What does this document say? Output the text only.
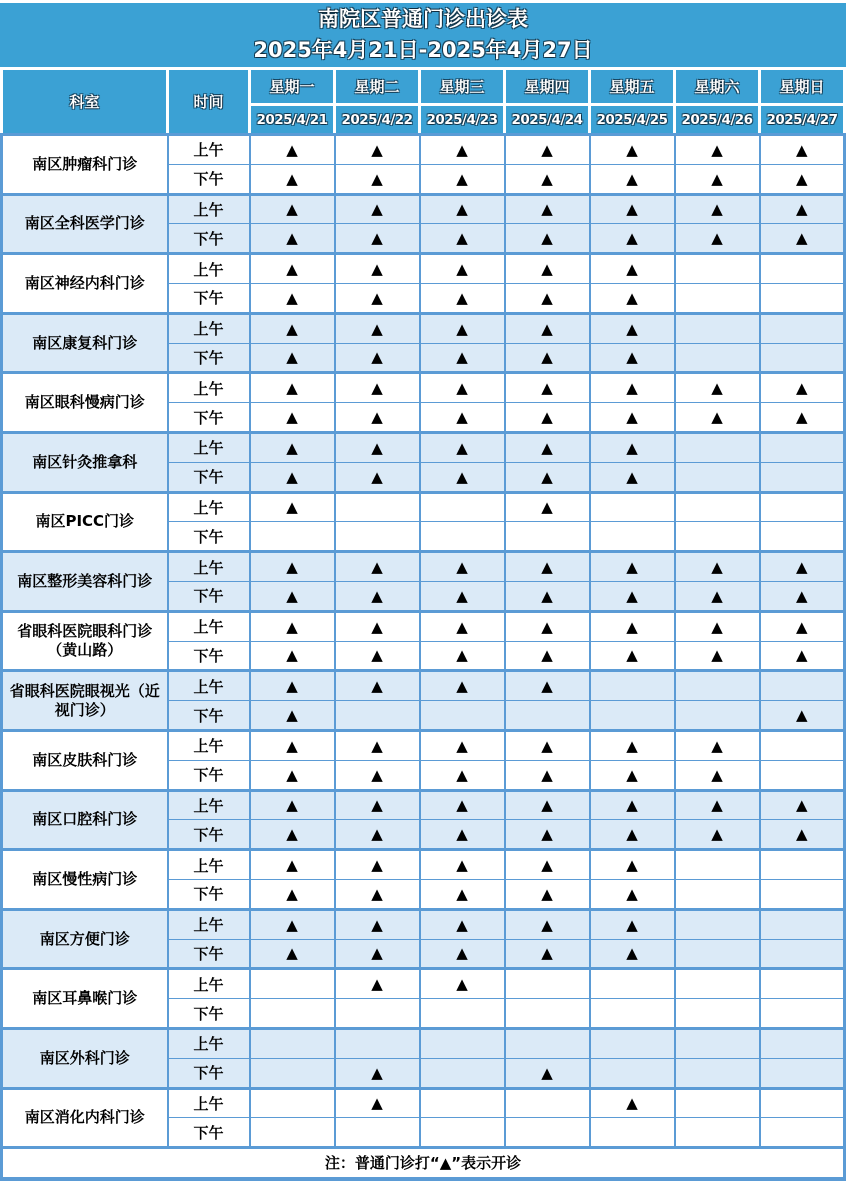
南院区普通门诊出诊表
2025年4月21日-2025年4月27日
科室	时间	星期一	星期二	星期三	星期四	星期五	星期六	星期日
		2025/4/21	2025/4/22	2025/4/23	2025/4/24	2025/4/25	2025/4/26	2025/4/27
南区肿瘤科门诊	上午	▲	▲	▲	▲	▲	▲	▲
	下午	▲	▲	▲	▲	▲	▲	▲
南区全科医学门诊	上午	▲	▲	▲	▲	▲	▲	▲
	下午	▲	▲	▲	▲	▲	▲	▲
南区神经内科门诊	上午	▲	▲	▲	▲	▲		
	下午	▲	▲	▲	▲	▲		
南区康复科门诊	上午	▲	▲	▲	▲	▲		
	下午	▲	▲	▲	▲	▲		
南区眼科慢病门诊	上午	▲	▲	▲	▲	▲	▲	▲
	下午	▲	▲	▲	▲	▲	▲	▲
南区针灸推拿科	上午	▲	▲	▲	▲	▲		
	下午	▲	▲	▲	▲	▲		
南区PICC门诊	上午	▲			▲			
	下午							
南区整形美容科门诊	上午	▲	▲	▲	▲	▲	▲	▲
	下午	▲	▲	▲	▲	▲	▲	▲
省眼科医院眼科门诊（黄山路）	上午	▲	▲	▲	▲	▲	▲	▲
	下午	▲	▲	▲	▲	▲	▲	▲
省眼科医院眼视光（近视门诊）	上午	▲	▲	▲	▲			
	下午	▲						▲
南区皮肤科门诊	上午	▲	▲	▲	▲	▲	▲	
	下午	▲	▲	▲	▲	▲	▲	
南区口腔科门诊	上午	▲	▲	▲	▲	▲	▲	▲
	下午	▲	▲	▲	▲	▲	▲	▲
南区慢性病门诊	上午	▲	▲	▲	▲	▲		
	下午	▲	▲	▲	▲	▲		
南区方便门诊	上午	▲	▲	▲	▲	▲		
	下午	▲	▲	▲	▲	▲		
南区耳鼻喉门诊	上午		▲	▲				
	下午							
南区外科门诊	上午							
	下午		▲		▲			
南区消化内科门诊	上午		▲			▲		
	下午							
注：普通门诊打“▲”表示开诊								
